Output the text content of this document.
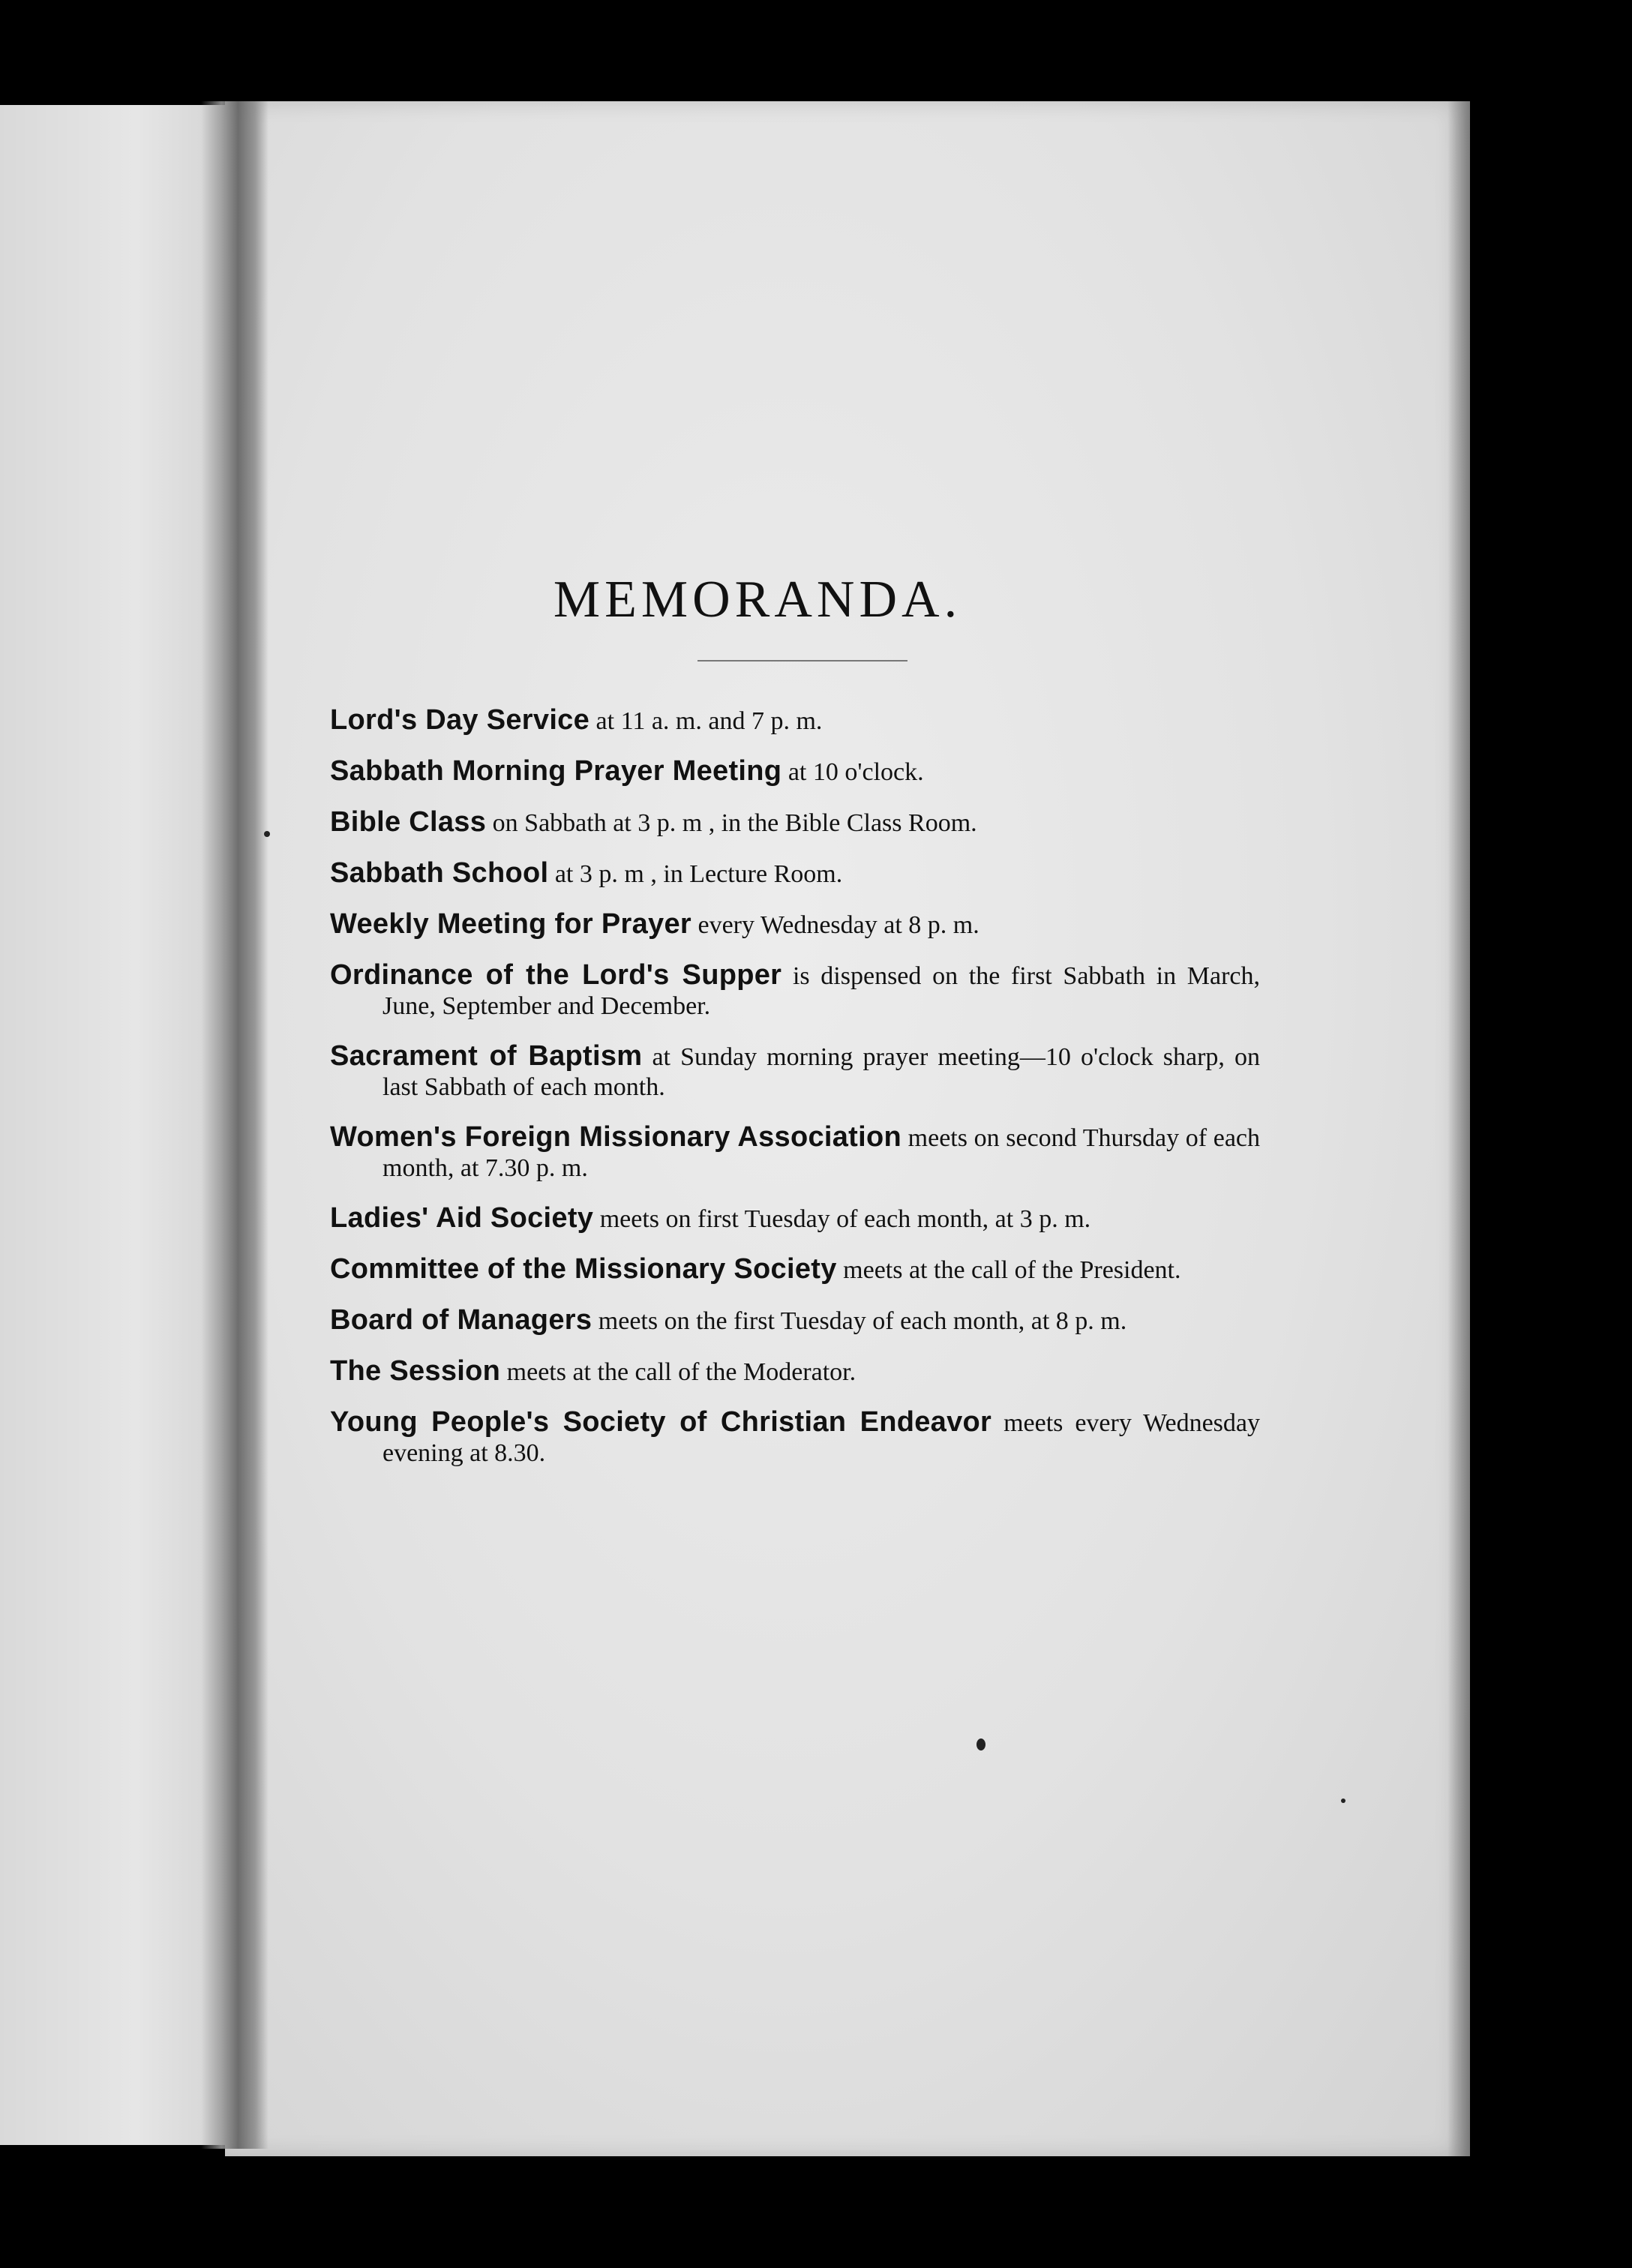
MEMORANDA.
Lord's Day Service at 11 a. m. and 7 p. m.
Sabbath Morning Prayer Meeting at 10 o'clock.
Bible Class on Sabbath at 3 p. m , in the Bible Class Room.
Sabbath School at 3 p. m , in Lecture Room.
Weekly Meeting for Prayer every Wednesday at 8 p. m.
Ordinance of the Lord's Supper is dispensed on the first Sabbath in March, June, September and December.
Sacrament of Baptism at Sunday morning prayer meeting—10 o'clock sharp, on last Sabbath of each month.
Women's Foreign Missionary Association meets on second Thursday of each month, at 7.30 p. m.
Ladies' Aid Society meets on first Tuesday of each month, at 3 p. m.
Committee of the Missionary Society meets at the call of the President.
Board of Managers meets on the first Tuesday of each month, at 8 p. m.
The Session meets at the call of the Moderator.
Young People's Society of Christian Endeavor meets every Wednesday evening at 8.30.
